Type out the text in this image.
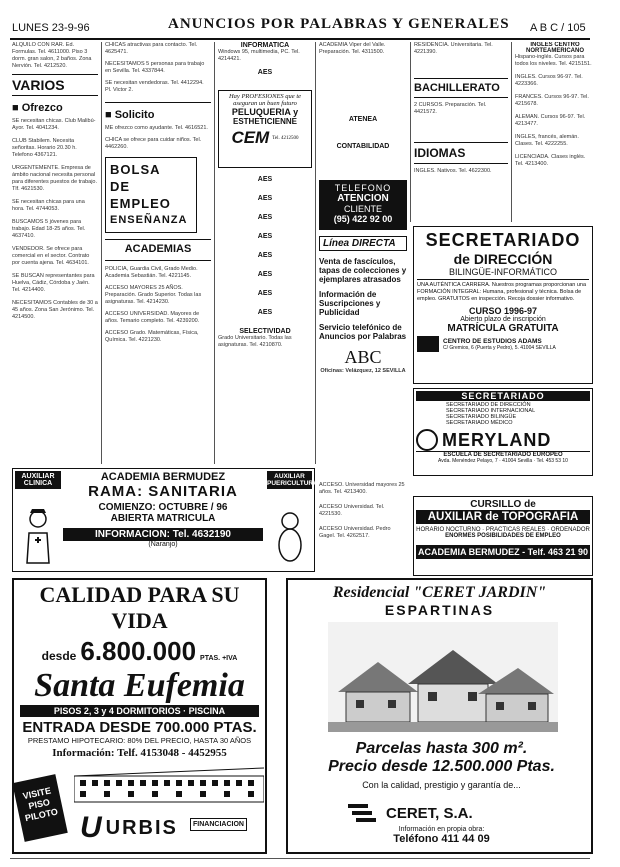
LUNES 23-9-96	ANUNCIOS POR PALABRAS Y GENERALES A B C / 105
ALQUILO CON RAR. Ed. Formulas. Tel. 4611000. Piso 3 dorm. gran salon, 2 baños. Zona Nervión. Tel. 4212520.
VARIOS
■ Ofrezco
SE necesitan chicas. Club Malibú-Ayor. Tel. 4041234.
CLUB Stabilem. Necesita señoritas. Horario 20.30 h. Telefono 4367121.
URGENTEMENTE. Empresa de ámbito nacional necesita personal para diferentes puestos de trabajo. Tlf. 4621530.
SE necesitan chicas para una hora. Tel. 4744053.
BUSCAMOS 5 jóvenes para trabajo. Edad 18-25 años. Tel. 4637410.
VENDEDOR. Se ofrece para comercial en el sector. Contrato por cuenta ajena. Tel. 4634101.
SE BUSCAN representantes para Huelva, Cádiz, Córdoba y Jaén. Tel. 4214400.
NECESITAMOS Contables de 30 a 45 años. Zona San Jerónimo. Tel. 4214500.
CHICAS atractivas para contacto. Tel. 4625471.
NECESITAMOS 5 personas para trabajo en Sevilla. Tel. 4337844.
SE necesitan vendedoras. Tel. 4412294. Pl. Victor 2.
■ Solicito
ME ofrezco como ayudante. Tel. 4616521.
CHICA se ofrece para cuidar niños. Tel. 4462260.
BOLSA
DE EMPLEO
ENSEÑANZA
ACADEMIAS
POLICIA, Guardia Civil, Grado Medio. Academia Sebastián. Tel. 4221145.
ACCESO MAYORES 25 AÑOS. Preparación. Grado Superior. Todas las asignaturas. Tel. 4214230.
ACCESO UNIVERSIDAD. Mayores de años. Temario completo. Tel. 4239200.
ACCESO Grado. Matemáticas, Física, Química. Tel. 4221230.
INFORMATICA
Windows 95, multimedia, PC. Tel. 4214421.
AES
Hay PROFESIONES que te
aseguran un buen futuro
PELUQUERIA y
ESTHETICIENNE
CEM Tel. 4212500
AES
AES
AES
AES
AES
AES
AES
AES
SELECTIVIDAD
Grado Universitario. Todas las asignaturas. Tel. 4210870.
ACADEMIA Viper del Valle. Preparación. Tel. 4311500.
ATENEA
CONTABILIDAD
TELEFONO
ATENCION
CLIENTE
(95) 422 92 00
Línea DIRECTA
Venta de fascículos, tapas de colecciones y ejemplares atrasados
Información de Suscripciones y Publicidad
Servicio telefónico de Anuncios por Palabras
ABC
Oficinas: Velázquez, 12 SEVILLA
RESIDENCIA. Universitaria. Tel. 4221390.
BACHILLERATO
2 CURSOS. Preparación. Tel. 4421572.
IDIOMAS
INGLES. Nativos. Tel. 4622300.
INGLES CENTRO NORTEAMERICANO
Hispano-inglés. Cursos para todos los niveles. Tel. 4215151.
INGLES. Cursos 96-97. Tel. 4223366.
FRANCES. Cursos 96-97. Tel. 4215678.
ALEMAN. Cursos 96-97. Tel. 4213477.
INGLES, francés, alemán. Clases. Tel. 4222255.
LICENCIADA. Clases inglés. Tel. 4213400.
SECRETARIADO
de DIRECCIÓN
BILINGÜE-INFORMÁTICO
UNA AUTÉNTICA CARRERA. Nuestros programas proporcionan una FORMACIÓN INTEGRAL: Humana, profesional y técnica. Bolsa de empleo. GRATUITOS en inspección. Recoja dossier informativo.
CURSO 1996-97
Abierto plazo de inscripción
MATRÍCULA GRATUITA
CENTRO DE ESTUDIOS ADAMS
C/ Gremios, 6 (Puerta y Pedro), 5. 41004 SEVILLA
SECRETARIADO
SECRETARIADO DE DIRECCIÓN
SECRETARIADO INTERNACIONAL
SECRETARIADO BILINGÜE
SECRETARIADO MÉDICO
MERYLAND
ESCUELA DE SECRETARIADO EUROPEO
Avda. Menéndez Pelayo, 7 · 41004 Sevilla · Tel. 453 53 10
ACCESO. Universidad mayores 25 años. Tel. 4213400.
ACCESO Universidad. Tel. 4221530.
ACCESO Universidad. Pedro Gagel. Tel. 4262517.
AUXILIAR CLINICA
ACADEMIA BERMUDEZ
RAMA: SANITARIA
COMIENZO: OCTUBRE / 96
ABIERTA MATRICULA
INFORMACION: Tel. 4632190
(Naranjo)
AUXILIAR PUERICULTURA
CURSILLO de
AUXILIAR de TOPOGRAFIA
HORARIO NOCTURNO · PRACTICAS REALES · ORDENADOR
ENORMES POSIBILIDADES DE EMPLEO
ACADEMIA BERMUDEZ - Telf. 463 21 90
CALIDAD PARA SU VIDA
desde 6.800.000 PTAS. +IVA
Santa Eufemia
PISOS 2, 3 y 4 DORMITORIOS · PISCINA
ENTRADA DESDE 700.000 PTAS.
PRESTAMO HIPOTECARIO: 80% DEL PRECIO, HASTA 30 AÑOS
Información: Telf. 4153048 - 4452955
VISITE PISO PILOTO U URBIS	FINANCIACION
Residencial "CERET JARDIN"
ESPARTINAS
Parcelas hasta 300 m².
Precio desde 12.500.000 Ptas.
Con la calidad, prestigio y garantía de...
CERET, S.A.
Información en propia obra:
Teléfono 411 44 09
